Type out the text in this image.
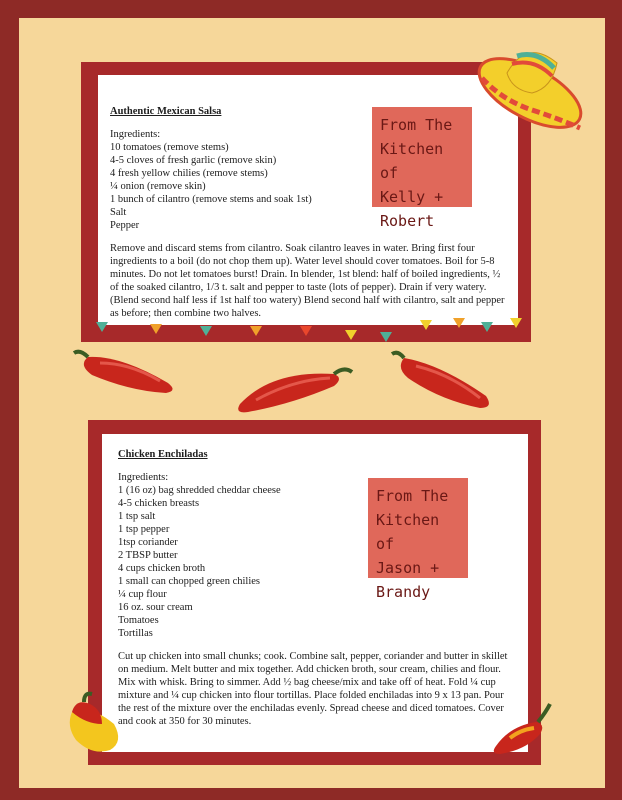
Authentic Mexican Salsa
Ingredients:
10 tomatoes (remove stems)
4-5 cloves of fresh garlic (remove skin)
4 fresh yellow chilies (remove stems)
¼ onion (remove skin)
1 bunch of cilantro (remove stems and soak 1st)
Salt
Pepper
Remove and discard stems from cilantro. Soak cilantro leaves in water. Bring first four ingredients to a boil (do not chop them up). Water level should cover tomatoes. Boil for 5-8 minutes. Do not let tomatoes burst! Drain. In blender, 1st blend: half of boiled ingredients, ½ of the soaked cilantro, 1/3 t. salt and pepper to taste (lots of pepper). Drain if very watery. (Blend second half less if 1st half too watery) Blend second half with cilantro, salt and pepper as before; then combine two halves.
From The
Kitchen of
Kelly +
Robert
Chicken Enchiladas
Ingredients:
1 (16 oz) bag shredded cheddar cheese
4-5 chicken breasts
1 tsp salt
1 tsp pepper
1tsp coriander
2 TBSP butter
4 cups chicken broth
1 small can chopped green chilies
¼ cup flour
16 oz. sour cream
Tomatoes
Tortillas
Cut up chicken into small chunks; cook. Combine salt, pepper, coriander and butter in skillet on medium. Melt butter and mix together. Add chicken broth, sour cream, chilies and flour. Mix with whisk. Bring to simmer. Add ½ bag cheese/mix and take off of heat. Fold ¼ cup mixture and ¼ cup chicken into flour tortillas. Place folded enchiladas into 9 x 13 pan. Pour the rest of the mixture over the enchiladas evenly. Spread cheese and diced tomatoes. Cover and cook at 350 for 30 minutes.
From The
Kitchen of
Jason +
Brandy
